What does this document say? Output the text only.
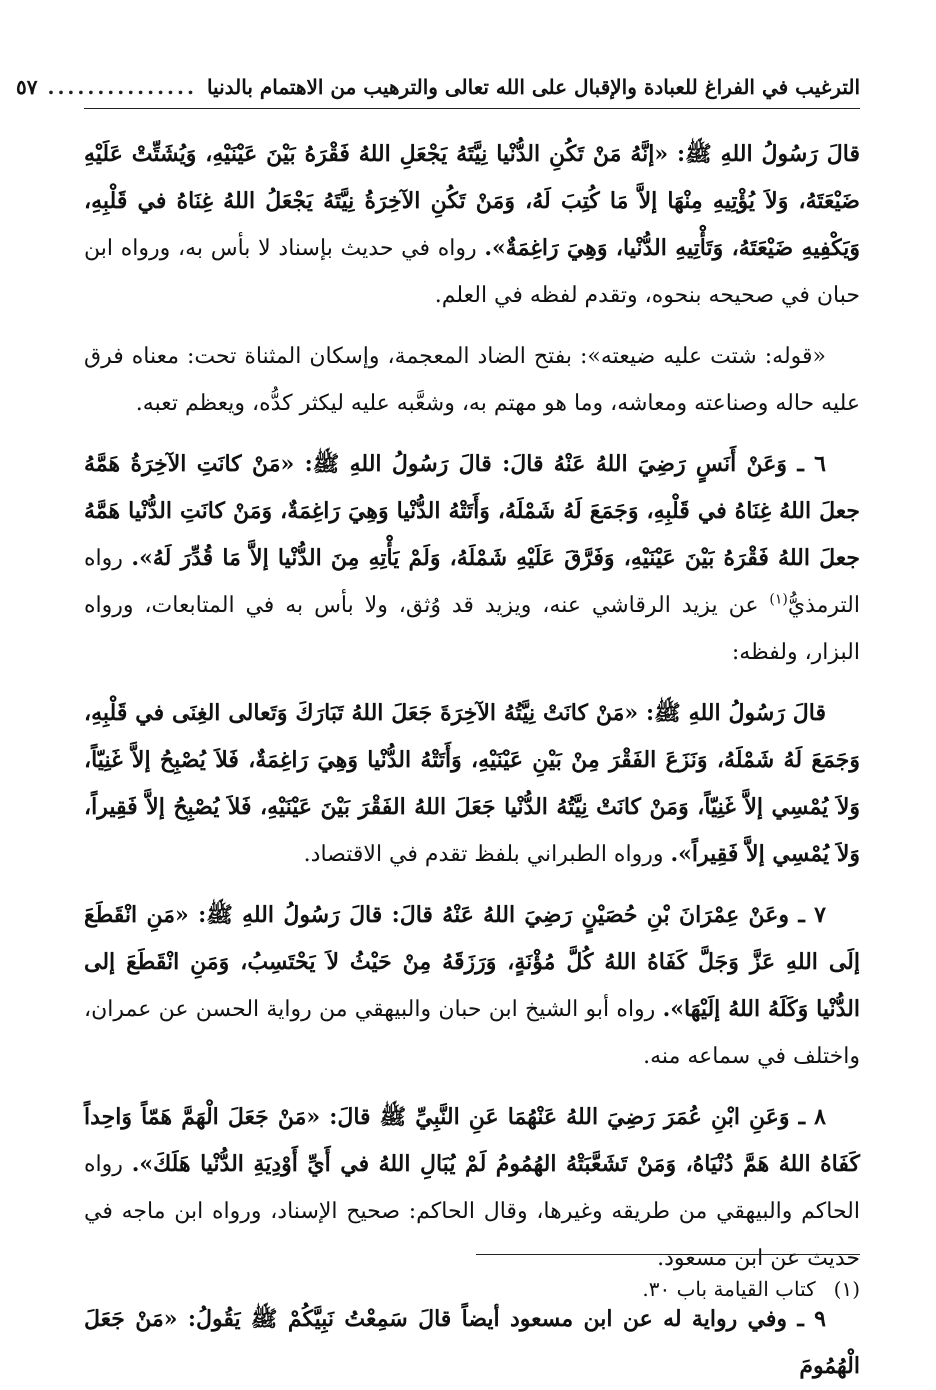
الترغيب في الفراغ للعبادة والإقبال على الله تعالى والترهيب من الاهتمام بالدنيا
...............
٥٧

قالَ رَسُولُ اللهِ ﷺ: «إنَّهُ مَنْ تَكُنِ الدُّنْيا نِيَّتَهُ يَجْعَلِ اللهُ فَقْرَهُ بَيْنَ عَيْنَيْهِ، وَيُشَتِّتْ عَلَيْهِ ضَيْعَتَهُ، وَلاَ يُؤْتِيهِ مِنْهَا إلاَّ مَا كُتِبَ لَهُ، وَمَنْ تَكُنِ الآخِرَةُ نِيَّتَهُ يَجْعَلُ اللهُ غِنَاهُ في قَلْبِهِ، وَيَكْفِيهِ ضَيْعَتَهُ، وَتَأْتِيهِ الدُّنْيا، وَهِيَ رَاغِمَةٌ». رواه في حديث بإسناد لا بأس به، ورواه ابن حبان في صحيحه بنحوه، وتقدم لفظه في العلم.

«قوله: شتت عليه ضيعته»: بفتح الضاد المعجمة، وإسكان المثناة تحت: معناه فرق عليه حاله وصناعته ومعاشه، وما هو مهتم به، وشعَّبه عليه ليكثر كدُّه، ويعظم تعبه.

٦ ـ وَعَنْ أَنَسٍ رَضِيَ اللهُ عَنْهُ قالَ: قالَ رَسُولُ اللهِ ﷺ: «مَنْ كانَتِ الآخِرَةُ هَمَّهُ جعلَ اللهُ غِنَاهُ في قَلْبِهِ، وَجَمَعَ لَهُ شَمْلَهُ، وَأَتَتْهُ الدُّنْيا وَهِيَ رَاغِمَةٌ، وَمَنْ كانَتِ الدُّنْيا هَمَّهُ جعلَ اللهُ فَقْرَهُ بَيْنَ عَيْنَيْهِ، وَفَرَّقَ عَلَيْهِ شَمْلَهُ، وَلَمْ يَأْتِهِ مِنَ الدُّنْيا إلاَّ مَا قُدِّرَ لَهُ». رواه الترمذيُّ$^{(١)}$ عن يزيد الرقاشي عنه، ويزيد قد وُثق، ولا بأس به في المتابعات، ورواه البزار، ولفظه:

قالَ رَسُولُ اللهِ ﷺ: «مَنْ كانَتْ نِيَّتُهُ الآخِرَةَ جَعَلَ اللهُ تَبَارَكَ وَتَعالى الغِنَى في قَلْبِهِ، وَجَمَعَ لَهُ شَمْلَهُ، وَنَزَعَ الفَقْرَ مِنْ بَيْنِ عَيْنَيْهِ، وَأَتَتْهُ الدُّنْيا وَهِيَ رَاغِمَةٌ، فَلاَ يُصْبِحُ إلاَّ غَنِيّاً، وَلاَ يُمْسِي إلاَّ غَنِيّاً، وَمَنْ كانَتْ نِيَّتُهُ الدُّنْيا جَعَلَ اللهُ الفَقْرَ بَيْنَ عَيْنَيْهِ، فَلاَ يُصْبِحُ إلاَّ فَقِيراً، وَلاَ يُمْسِي إلاَّ فَقِيراً». ورواه الطبراني بلفظ تقدم في الاقتصاد.

٧ ـ وعَنْ عِمْرَانَ بْنِ حُصَيْنٍ رَضِيَ اللهُ عَنْهُ قالَ: قالَ رَسُولُ اللهِ ﷺ: «مَنِ انْقَطَعَ إلَى اللهِ عَزَّ وَجَلَّ كَفَاهُ اللهُ كُلَّ مُؤْنَةٍ، وَرَزَقَهُ مِنْ حَيْثُ لاَ يَحْتَسِبُ، وَمَنِ انْقَطَعَ إلى الدُّنْيا وَكَلَهُ اللهُ إلَيْهَا». رواه أبو الشيخ ابن حبان والبيهقي من رواية الحسن عن عمران، واختلف في سماعه منه.

٨ ـ وَعَنِ ابْنِ عُمَرَ رَضِيَ اللهُ عَنْهُمَا عَنِ النَّبِيِّ ﷺ قالَ: «مَنْ جَعَلَ الْهَمَّ هَمّاً وَاحِداً كَفَاهُ اللهُ هَمَّ دُنْيَاهُ، وَمَنْ تَشَعَّبَتْهُ الهُمُومُ لَمْ يُبَالِ اللهُ في أَيِّ أَوْدِيَةِ الدُّنْيا هَلَكَ». رواه الحاكم والبيهقي من طريقه وغيرها، وقال الحاكم: صحيح الإسناد، ورواه ابن ماجه في حديث عن ابن مسعود.

٩ ـ وفي رواية له عن ابن مسعود أيضاً قالَ سَمِعْتُ نَبِيَّكُمْ ﷺ يَقُولُ: «مَنْ جَعَلَ الْهُمُومَ

(١)
كتاب القيامة باب ٣٠.
